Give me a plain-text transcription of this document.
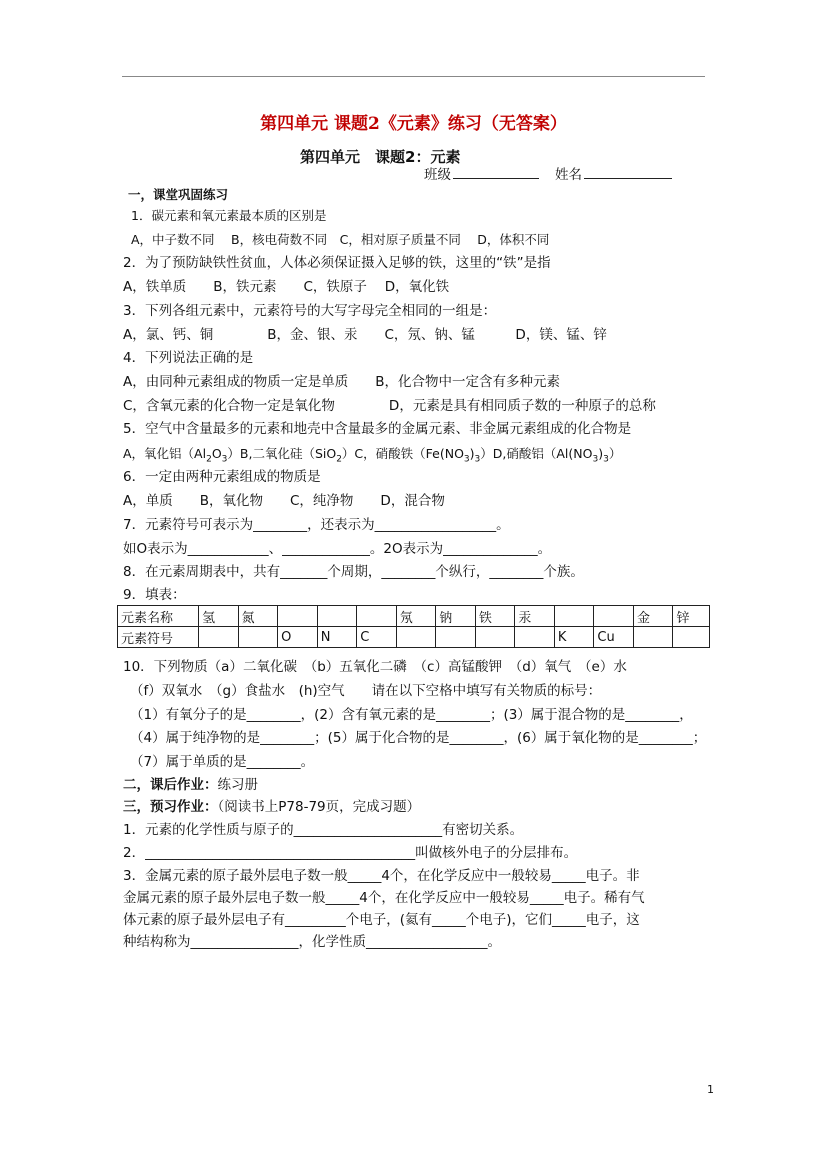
第四单元 课题2《元素》练习（无答案）
第四单元　课题2：元素
班级	姓名
一，课堂巩固练习
1．碳元素和氧元素最本质的区别是
A，中子数不同　 B，核电荷数不同　C，相对原子质量不同　 D，体积不同
2．为了预防缺铁性贫血，人体必须保证摄入足够的铁，这里的“铁”是指
A，铁单质　　B，铁元素　　C，铁原子　 D，氧化铁
3．下列各组元素中，元素符号的大写字母完全相同的一组是：
A，氯、钙、铜　　　　B，金、银、汞　　C，氖、钠、锰　　　D，镁、锰、锌
4．下列说法正确的是
A，由同种元素组成的物质一定是单质　　B，化合物中一定含有多种元素
C，含氧元素的化合物一定是氧化物　　　　D，元素是具有相同质子数的一种原子的总称
5．空气中含量最多的元素和地壳中含量最多的金属元素、非金属元素组成的化合物是
A，氧化铝$(Al_2O_3)B$,二氧化硅（SiO$_2$）C，硝酸铁$(Fe(NO_3)_3)D$,硝酸铝$(Al(NO_3)_3)$
6．一定由两种元素组成的物质是
A，单质　　B，氧化物　　C，纯净物　　D，混合物
7．元素符号可表示为________，还表示为__________________。
如O表示为____________、_____________。2O表示为______________。
8．在元素周期表中，共有_______个周期，________个纵行，________个族。
9．填表：
元素名称	氢	氮				氖	钠	铁	汞			金	锌
元素符号			O	N	C					K	Cu		
10．下列物质（a）二氧化碳　（b）五氧化二磷　（c）高锰酸钾　（d）氧气　（e）水
（f）双氧水　（g）食盐水　(h)空气　　请在以下空格中填写有关物质的标号：
（1）有氧分子的是________，(2）含有氧元素的是________；(3）属于混合物的是________，
（4）属于纯净物的是________；(5）属于化合物的是________，(6）属于氧化物的是________；
（7）属于单质的是________。
二，课后作业：练习册
三，预习作业：（阅读书上P78-79页，完成习题）
1．元素的化学性质与原子的______________________有密切关系。
2．________________________________________叫做核外电子的分层排布。
3．金属元素的原子最外层电子数一般_____4个，在化学反应中一般较易_____电子。非
金属元素的原子最外层电子数一般_____4个，在化学反应中一般较易_____电子。稀有气
体元素的原子最外层电子有_________个电子，(氦有_____个电子)，它们_____电子，这
种结构称为________________，化学性质__________________。
1
